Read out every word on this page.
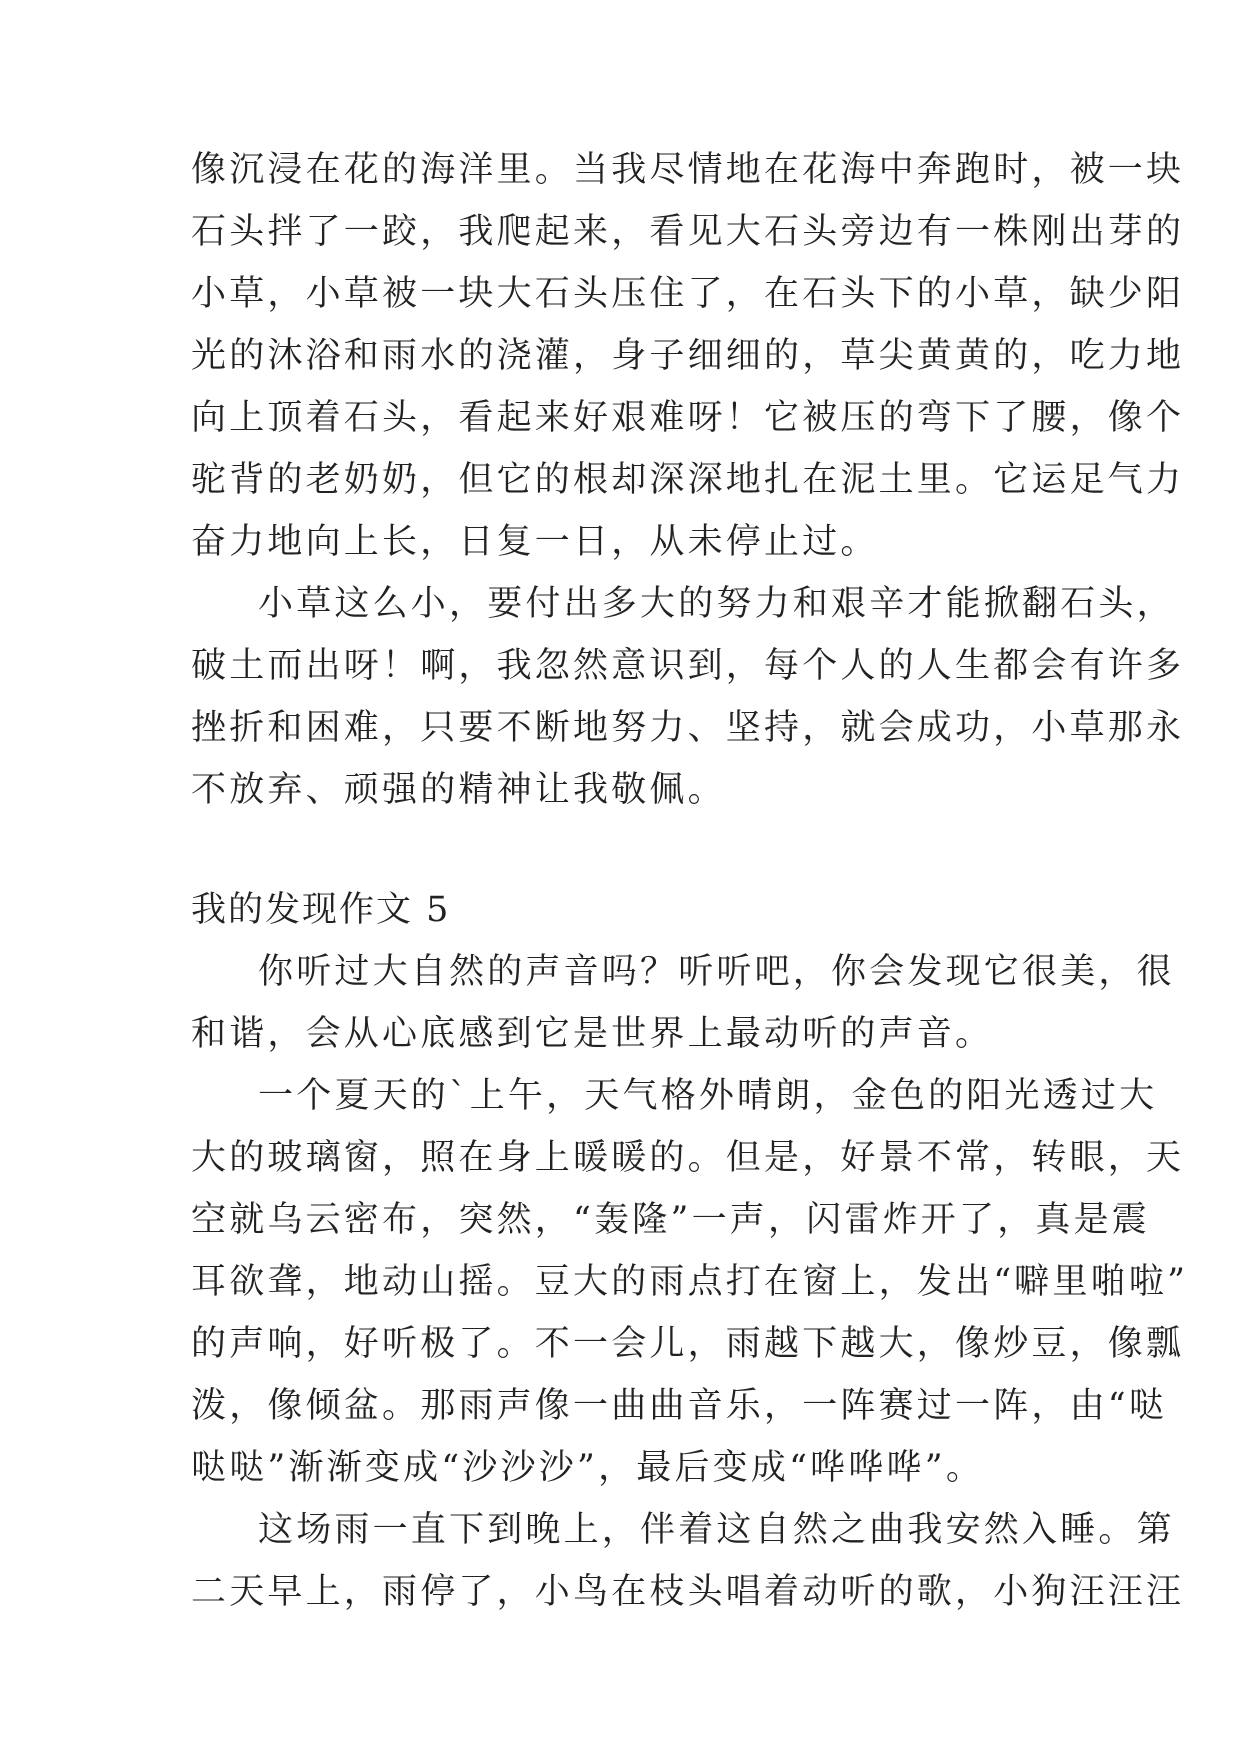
像沉浸在花的海洋里。当我尽情地在花海中奔跑时，被一块
石头拌了一跤，我爬起来，看见大石头旁边有一株刚出芽的
小草，小草被一块大石头压住了，在石头下的小草，缺少阳
光的沐浴和雨水的浇灌，身子细细的，草尖黄黄的，吃力地
向上顶着石头，看起来好艰难呀！它被压的弯下了腰，像个
驼背的老奶奶，但它的根却深深地扎在泥土里。它运足气力
奋力地向上长，日复一日，从未停止过。
小草这么小，要付出多大的努力和艰辛才能掀翻石头，
破土而出呀！啊，我忽然意识到，每个人的人生都会有许多
挫折和困难，只要不断地努力、坚持，就会成功，小草那永
不放弃、顽强的精神让我敬佩。
我的发现作文 5
你听过大自然的声音吗？听听吧，你会发现它很美，很
和谐，会从心底感到它是世界上最动听的声音。
一个夏天的`上午，天气格外晴朗，金色的阳光透过大
大的玻璃窗，照在身上暖暖的。但是，好景不常，转眼，天
空就乌云密布，突然，“轰隆”一声，闪雷炸开了，真是震
耳欲聋，地动山摇。豆大的雨点打在窗上，发出“噼里啪啦”
的声响，好听极了。不一会儿，雨越下越大，像炒豆，像瓢
泼，像倾盆。那雨声像一曲曲音乐，一阵赛过一阵，由“哒
哒哒”渐渐变成“沙沙沙”，最后变成“哗哗哗”。
这场雨一直下到晚上，伴着这自然之曲我安然入睡。第
二天早上，雨停了，小鸟在枝头唱着动听的歌，小狗汪汪汪
